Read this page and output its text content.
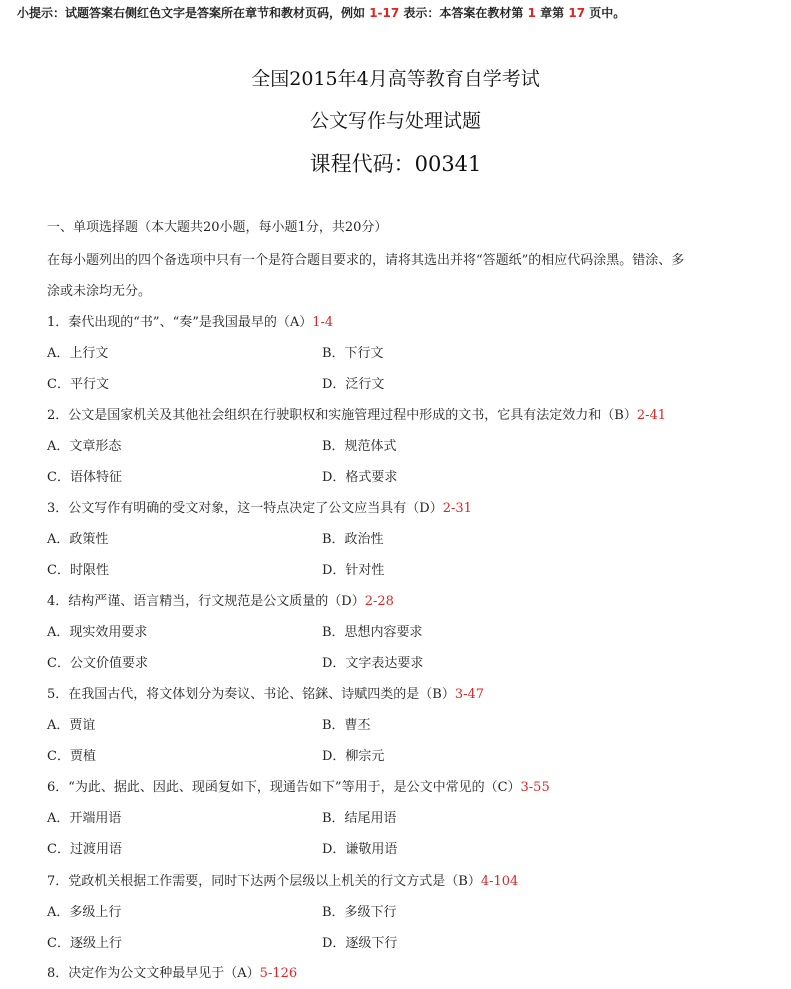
小提示：试题答案右侧红色文字是答案所在章节和教材页码，例如 1-17 表示：本答案在教材第 1 章第 17 页中。
全国2015年4月高等教育自学考试
公文写作与处理试题
课程代码：00341
一、单项选择题（本大题共20小题，每小题1分，共20分）
在每小题列出的四个备选项中只有一个是符合题目要求的，请将其选出并将“答题纸”的相应代码涂黑。错涂、多
涂或未涂均无分。
1．秦代出现的“书”、“奏”是我国最早的（A）1-4
A．上行文	B．下行文
C．平行文	D．泛行文
2．公文是国家机关及其他社会组织在行驶职权和实施管理过程中形成的文书，它具有法定效力和（B）2-41
A．文章形态	B．规范体式
C．语体特征	D．格式要求
3．公文写作有明确的受文对象，这一特点决定了公文应当具有（D）2-31
A．政策性	B．政治性
C．时限性	D．针对性
4．结构严谨、语言精当，行文规范是公文质量的（D）2-28
A．现实效用要求	B．思想内容要求
C．公文价值要求	D．文字表达要求
5．在我国古代，将文体划分为奏议、书论、铭銤、诗赋四类的是（B）3-47
A．贾谊	B．曹丕
C．贾植	D．柳宗元
6．“为此、据此、因此、现函复如下，现通告如下”等用于，是公文中常见的（C）3-55
A．开端用语	B．结尾用语
C．过渡用语	D．谦敬用语
7．党政机关根据工作需要，同时下达两个层级以上机关的行文方式是（B）4-104
A．多级上行	B．多级下行
C．逐级上行	D．逐级下行
8．决定作为公文文种最早见于（A）5-126
